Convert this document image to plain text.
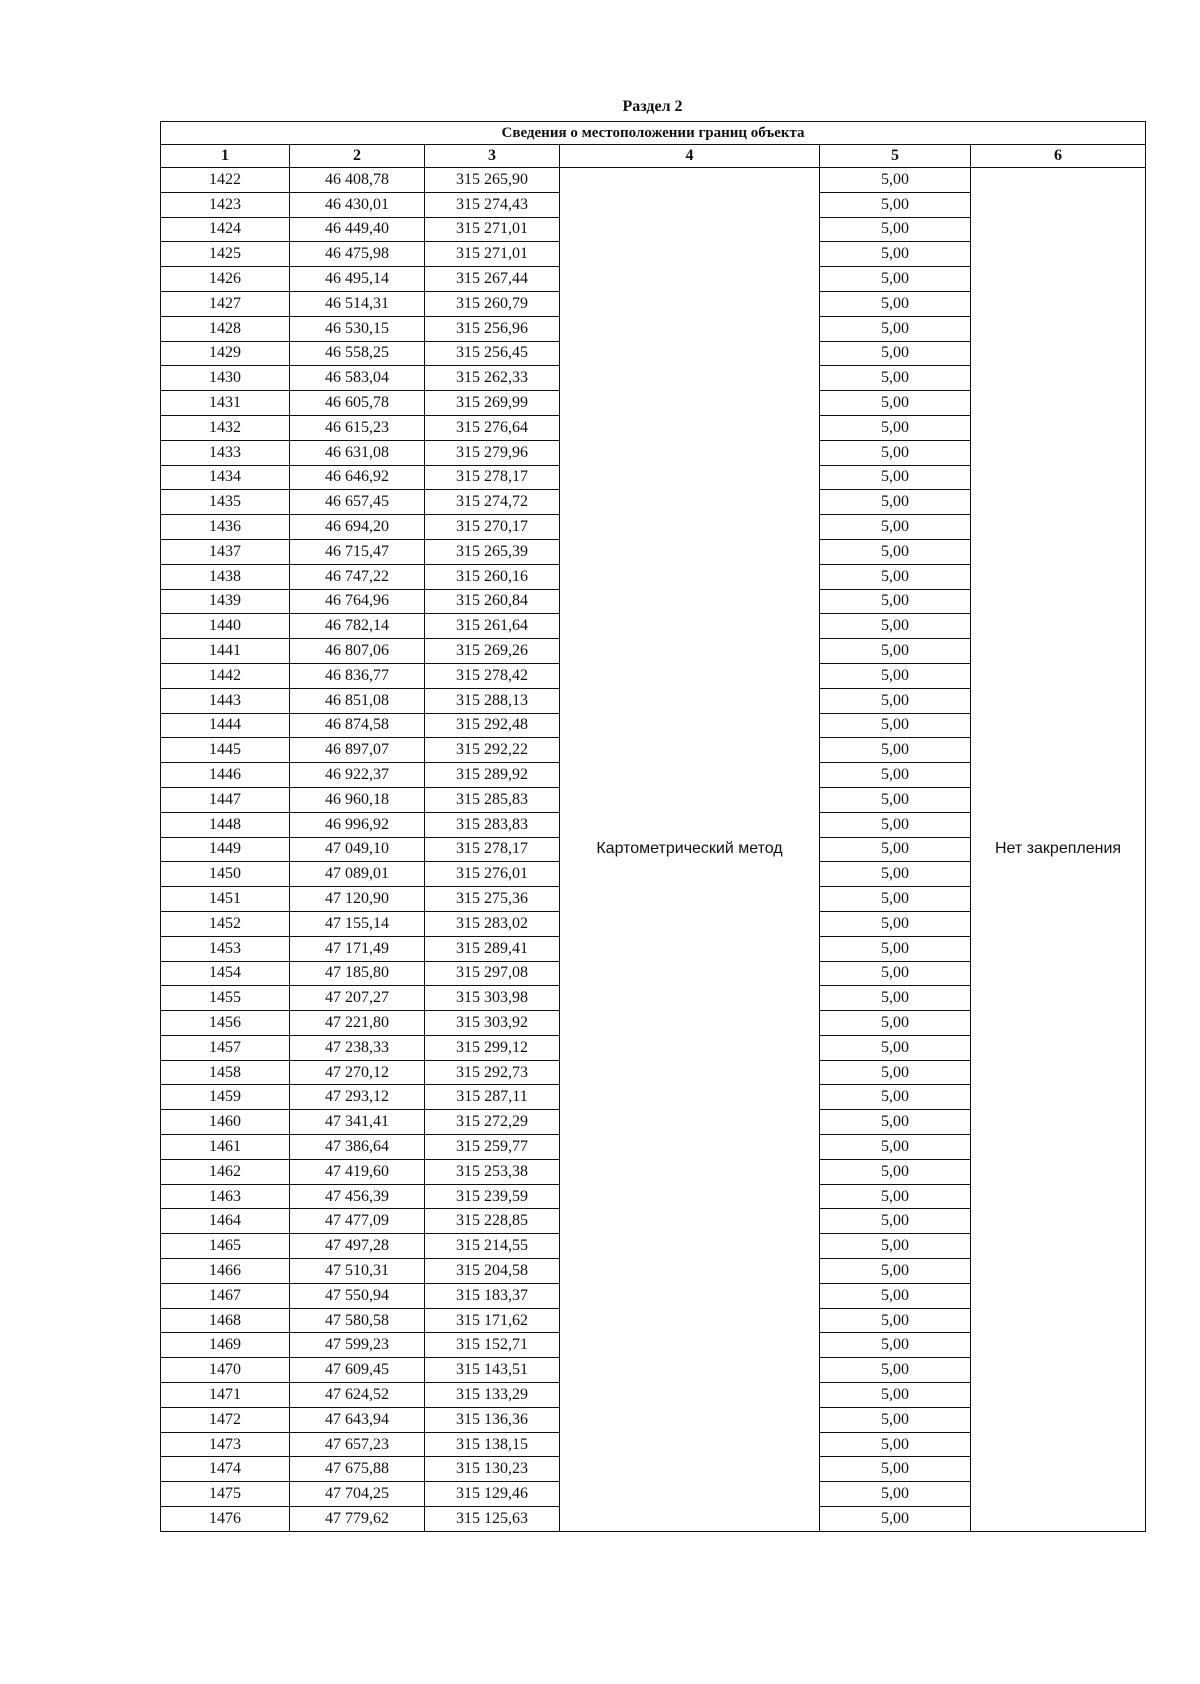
Раздел 2
Сведения о местоположении границ объекта					
1	2	3	4	5	6
1422	46 408,78	315 265,90	Картометрический метод	5,00	Нет закрепления
1423	46 430,01	315 274,43		5,00	
1424	46 449,40	315 271,01		5,00	
1425	46 475,98	315 271,01		5,00	
1426	46 495,14	315 267,44		5,00	
1427	46 514,31	315 260,79		5,00	
1428	46 530,15	315 256,96		5,00	
1429	46 558,25	315 256,45		5,00	
1430	46 583,04	315 262,33		5,00	
1431	46 605,78	315 269,99		5,00	
1432	46 615,23	315 276,64		5,00	
1433	46 631,08	315 279,96		5,00	
1434	46 646,92	315 278,17		5,00	
1435	46 657,45	315 274,72		5,00	
1436	46 694,20	315 270,17		5,00	
1437	46 715,47	315 265,39		5,00	
1438	46 747,22	315 260,16		5,00	
1439	46 764,96	315 260,84		5,00	
1440	46 782,14	315 261,64		5,00	
1441	46 807,06	315 269,26		5,00	
1442	46 836,77	315 278,42		5,00	
1443	46 851,08	315 288,13		5,00	
1444	46 874,58	315 292,48		5,00	
1445	46 897,07	315 292,22		5,00	
1446	46 922,37	315 289,92		5,00	
1447	46 960,18	315 285,83		5,00	
1448	46 996,92	315 283,83		5,00	
1449	47 049,10	315 278,17		5,00	
1450	47 089,01	315 276,01		5,00	
1451	47 120,90	315 275,36		5,00	
1452	47 155,14	315 283,02		5,00	
1453	47 171,49	315 289,41		5,00	
1454	47 185,80	315 297,08		5,00	
1455	47 207,27	315 303,98		5,00	
1456	47 221,80	315 303,92		5,00	
1457	47 238,33	315 299,12		5,00	
1458	47 270,12	315 292,73		5,00	
1459	47 293,12	315 287,11		5,00	
1460	47 341,41	315 272,29		5,00	
1461	47 386,64	315 259,77		5,00	
1462	47 419,60	315 253,38		5,00	
1463	47 456,39	315 239,59		5,00	
1464	47 477,09	315 228,85		5,00	
1465	47 497,28	315 214,55		5,00	
1466	47 510,31	315 204,58		5,00	
1467	47 550,94	315 183,37		5,00	
1468	47 580,58	315 171,62		5,00	
1469	47 599,23	315 152,71		5,00	
1470	47 609,45	315 143,51		5,00	
1471	47 624,52	315 133,29		5,00	
1472	47 643,94	315 136,36		5,00	
1473	47 657,23	315 138,15		5,00	
1474	47 675,88	315 130,23		5,00	
1475	47 704,25	315 129,46		5,00	
1476	47 779,62	315 125,63		5,00	
